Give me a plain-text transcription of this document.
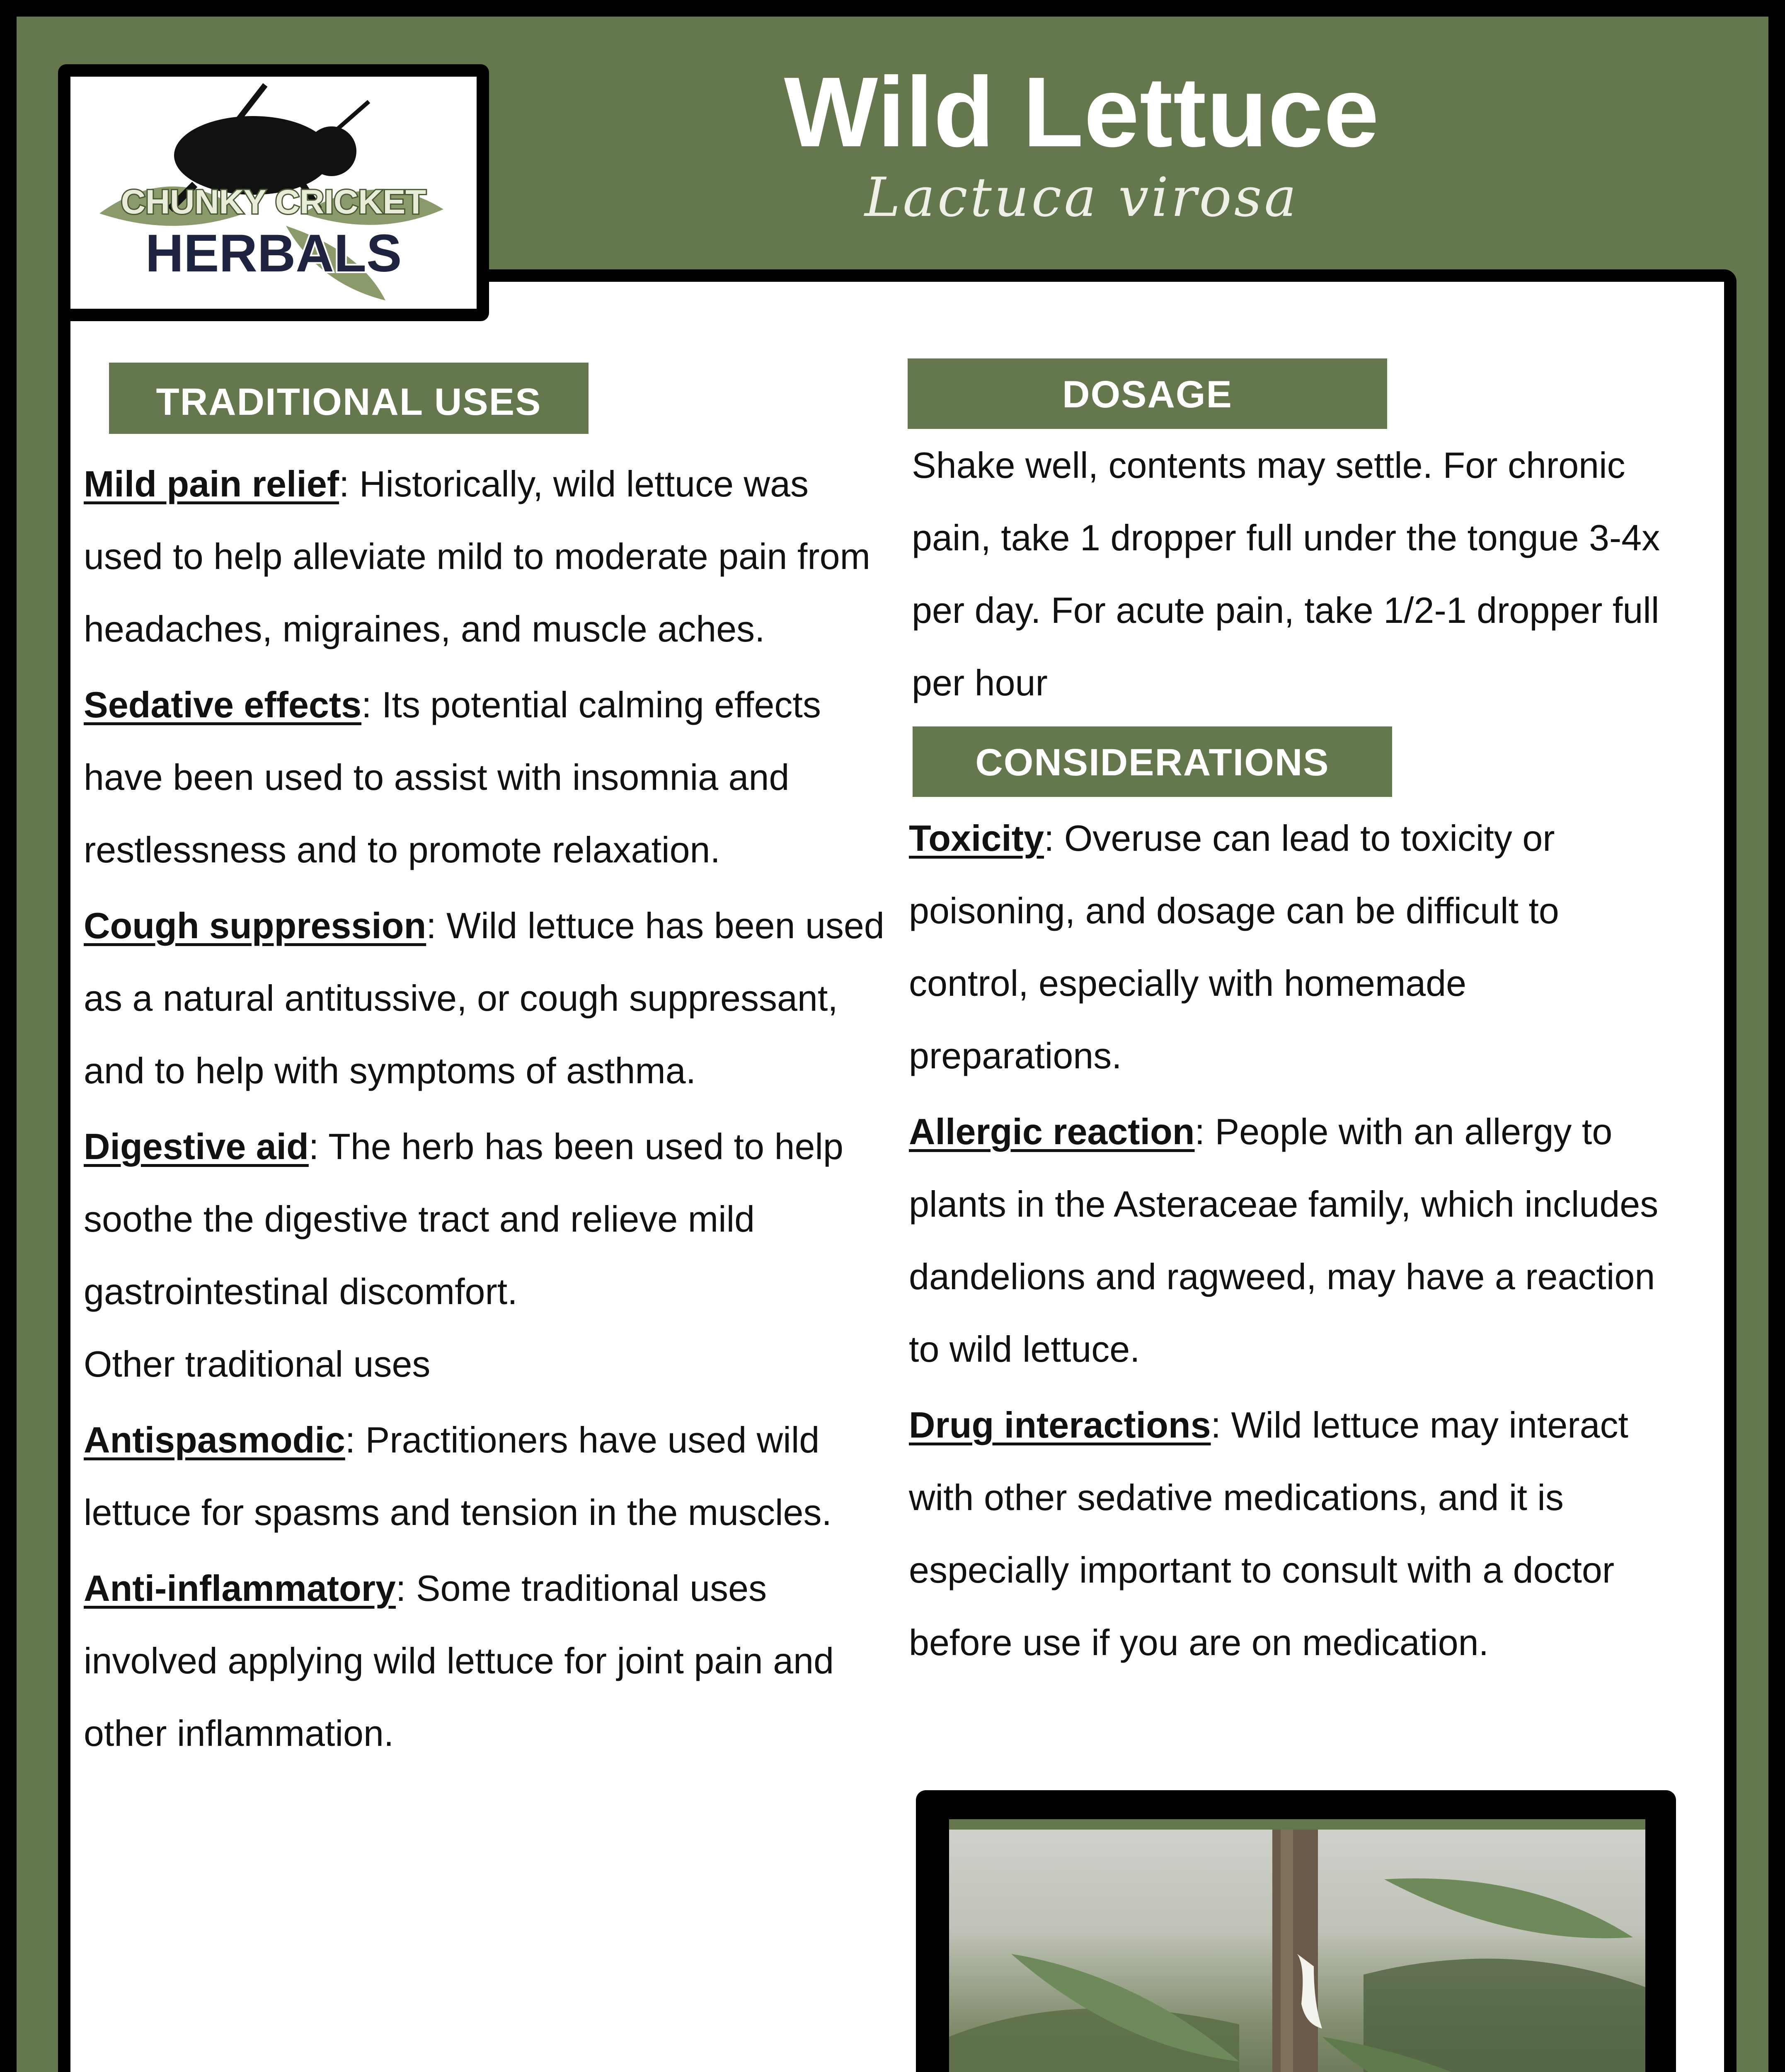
CHUNKY CRICKET
HERBALS
Wild Lettuce
Lactuca virosa
TRADITIONAL USES	DOSAGE
CONSIDERATIONS

Mild pain relief: Historically, wild lettuce was used to help alleviate mild to moderate pain from headaches, migraines, and muscle aches.

Sedative effects: Its potential calming effects have been used to assist with insomnia and restlessness and to promote relaxation.

Cough suppression: Wild lettuce has been used as a natural antitussive, or cough suppressant, and to help with symptoms of asthma.

Digestive aid: The herb has been used to help soothe the digestive tract and relieve mild gastrointestinal discomfort.

Other traditional uses

Antispasmodic: Practitioners have used wild lettuce for spasms and tension in the muscles.

Anti-inflammatory: Some traditional uses involved applying wild lettuce for joint pain and other inflammation.

Shake well, contents may settle. For chronic pain, take 1 dropper full under the tongue 3-4x per day. For acute pain, take 1/2-1 dropper full per hour

Toxicity: Overuse can lead to toxicity or poisoning, and dosage can be difficult to control, especially with homemade preparations.

Allergic reaction: People with an allergy to plants in the Asteraceae family, which includes dandelions and ragweed, may have a reaction to wild lettuce.

Drug interactions: Wild lettuce may interact with other sedative medications, and it is especially important to consult with a doctor before use if you are on medication.
